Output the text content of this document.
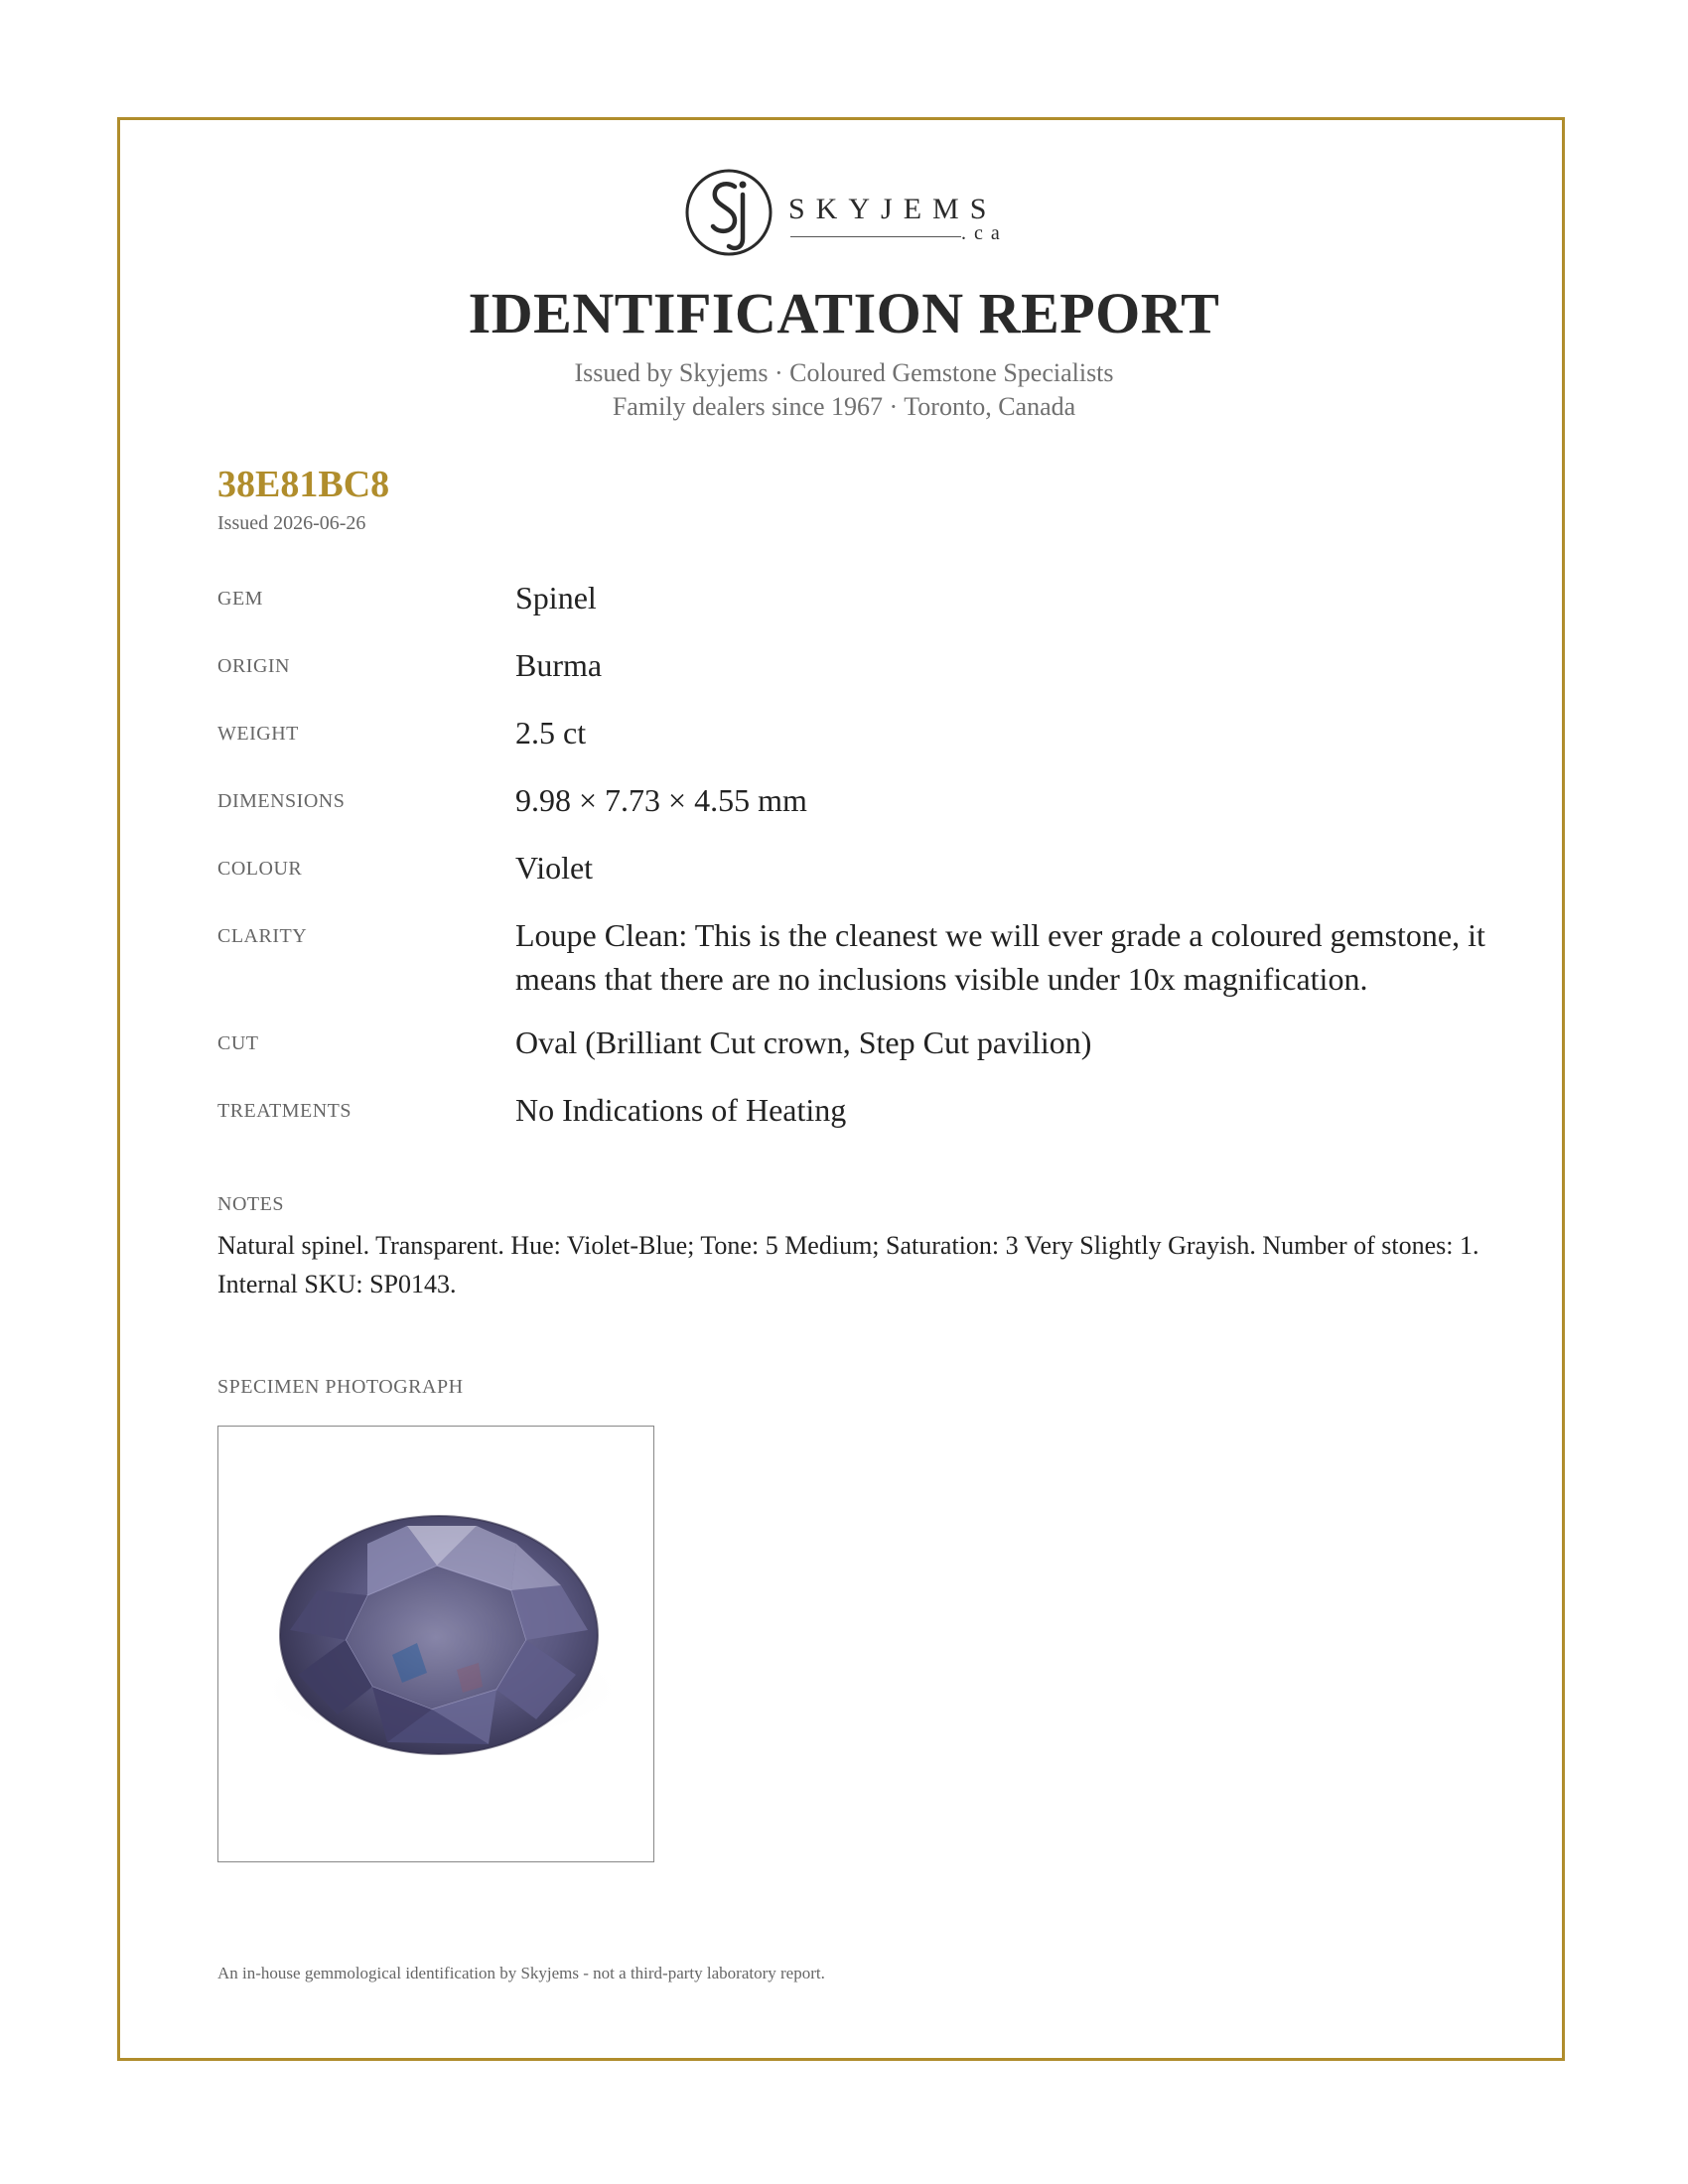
SKYJEMS
.ca
IDENTIFICATION REPORT
Issued by Skyjems · Coloured Gemstone Specialists
Family dealers since 1967 · Toronto, Canada
38E81BC8
Issued 2026-06-26
GEM	Spinel
ORIGIN	Burma
WEIGHT	2.5 ct
DIMENSIONS	9.98 × 7.73 × 4.55 mm
COLOUR	Violet
CLARITY	Loupe Clean: This is the cleanest we will ever grade a coloured gemstone, it means that there are no inclusions visible under 10x magnification.
CUT	Oval (Brilliant Cut crown, Step Cut pavilion)
TREATMENTS	No Indications of Heating
NOTES
Natural spinel. Transparent. Hue: Violet-Blue; Tone: 5 Medium; Saturation: 3 Very Slightly Grayish. Number of stones: 1. Internal SKU: SP0143.
SPECIMEN PHOTOGRAPH
An in-house gemmological identification by Skyjems - not a third-party laboratory report.
